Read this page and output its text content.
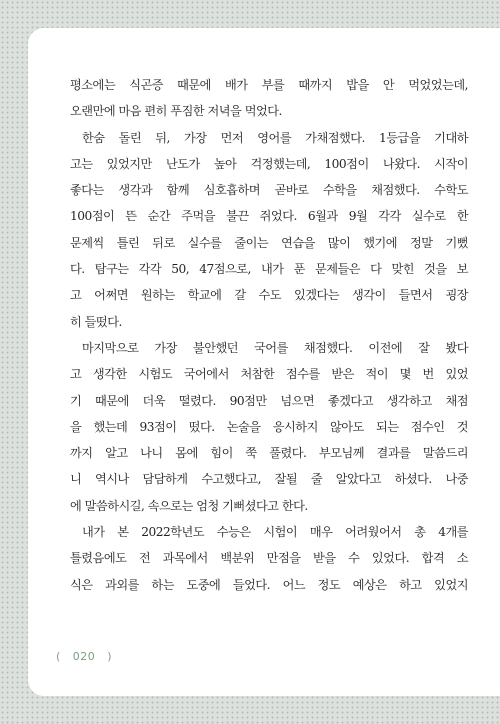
평소에는 식곤증 때문에 배가 부를 때까지 밥을 안 먹었었는데,
오랜만에 마음 편히 푸짐한 저녁을 먹었다.

한숨 돌린 뒤, 가장 먼저 영어를 가채점했다. 1등급을 기대하
고는 있었지만 난도가 높아 걱정했는데, 100점이 나왔다. 시작이
좋다는 생각과 함께 심호흡하며 곧바로 수학을 채점했다. 수학도
100점이 뜬 순간 주먹을 불끈 쥐었다. 6월과 9월 각각 실수로 한
문제씩 틀린 뒤로 실수를 줄이는 연습을 많이 했기에 정말 기뻤
다. 탐구는 각각 50, 47점으로, 내가 푼 문제들은 다 맞힌 것을 보
고 어쩌면 원하는 학교에 갈 수도 있겠다는 생각이 들면서 굉장
히 들떴다.

마지막으로 가장 불안했던 국어를 채점했다. 이전에 잘 봤다
고 생각한 시험도 국어에서 처참한 점수를 받은 적이 몇 번 있었
기 때문에 더욱 떨렸다. 90점만 넘으면 좋겠다고 생각하고 채점
을 했는데 93점이 떴다. 논술을 응시하지 않아도 되는 점수인 것
까지 알고 나니 몸에 힘이 쭉 풀렸다. 부모님께 결과를 말씀드리
니 역시나 담담하게 수고했다고, 잘될 줄 알았다고 하셨다. 나중
에 말씀하시길, 속으로는 엄청 기뻐셨다고 한다.

내가 본 2022학년도 수능은 시험이 매우 어려웠어서 총 4개를
틀렸음에도 전 과목에서 백분위 만점을 받을 수 있었다. 합격 소
식은 과외를 하는 도중에 들었다. 어느 정도 예상은 하고 있었지

(   020   )
